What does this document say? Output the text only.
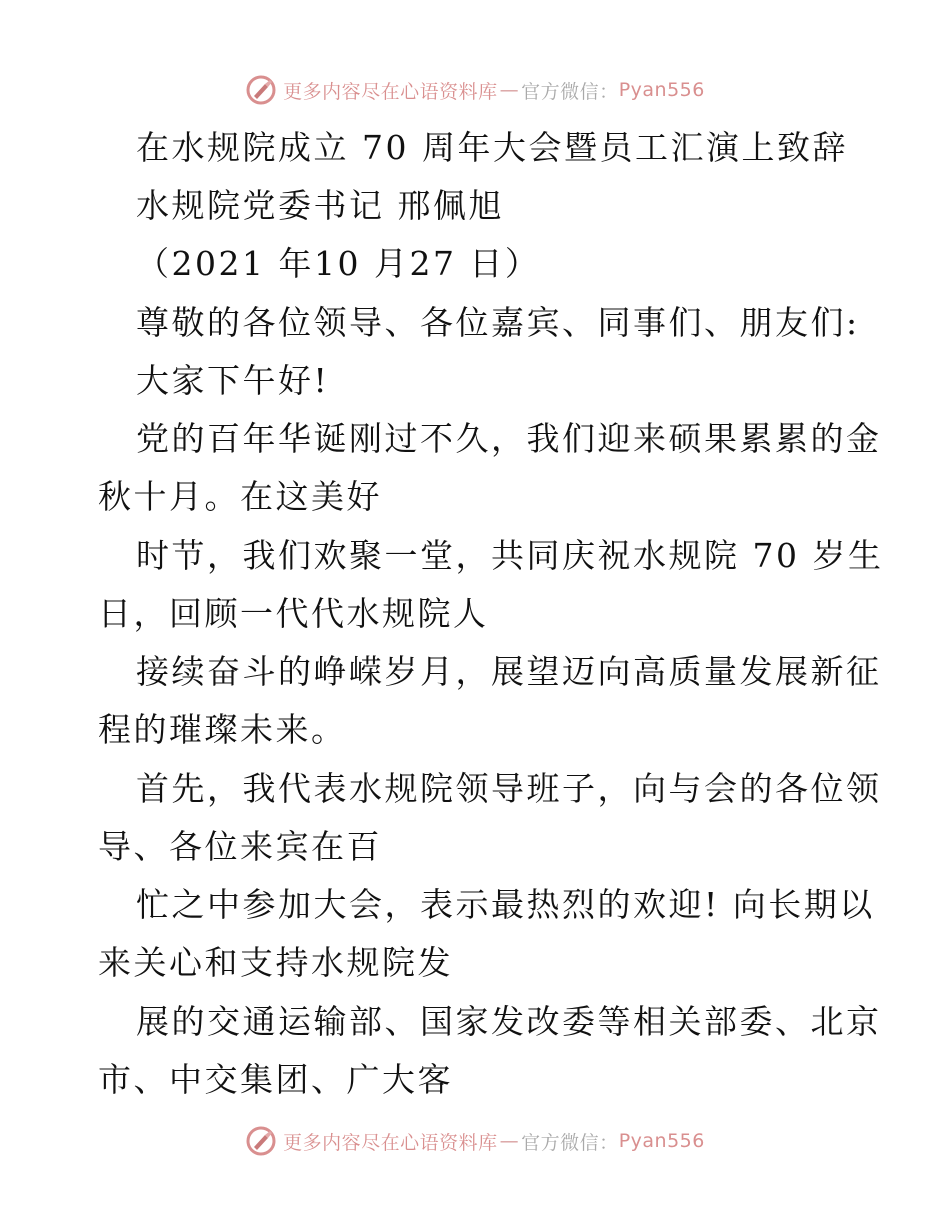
更多内容尽在心语资料库 — 官方微信： Pyan556
在水规院成立 70 周年大会暨员工汇演上致辞
水规院党委书记 邢佩旭
（2021 年10 月27 日）
尊敬的各位领导、各位嘉宾、同事们、朋友们:
大家下午好!
党的百年华诞刚过不久，我们迎来硕果累累的金
秋十月。在这美好
时节，我们欢聚一堂，共同庆祝水规院 70 岁生
日，回顾一代代水规院人
接续奋斗的峥嵘岁月，展望迈向高质量发展新征
程的璀璨未来。
首先，我代表水规院领导班子，向与会的各位领
导、各位来宾在百
忙之中参加大会，表示最热烈的欢迎! 向长期以
来关心和支持水规院发
展的交通运输部、国家发改委等相关部委、北京
市、中交集团、广大客
更多内容尽在心语资料库 — 官方微信： Pyan556
